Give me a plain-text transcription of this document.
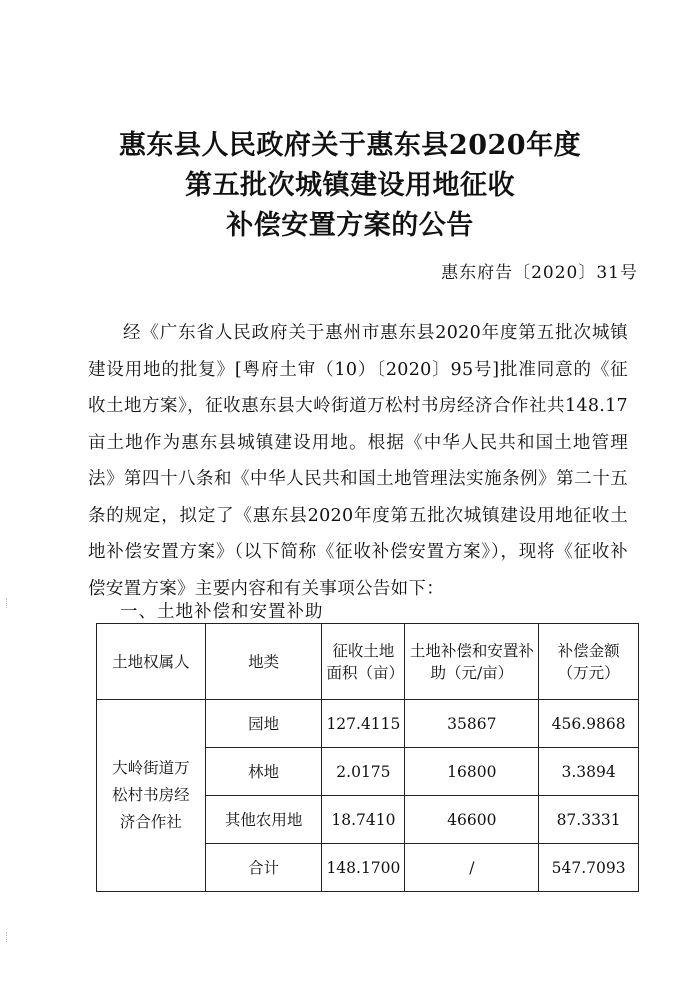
惠东县人民政府关于惠东县2020年度
第五批次城镇建设用地征收
补偿安置方案的公告
惠东府告〔2020〕31号
经《广东省人民政府关于惠州市惠东县2020年度第五批次城镇建设用地的批复》[粤府土审（10）〔2020〕95号]批准同意的《征收土地方案》，征收惠东县大岭街道万松村书房经济合作社共148.17亩土地作为惠东县城镇建设用地。根据《中华人民共和国土地管理法》第四十八条和《中华人民共和国土地管理法实施条例》第二十五条的规定，拟定了《惠东县2020年度第五批次城镇建设用地征收土地补偿安置方案》（以下简称《征收补偿安置方案》），现将《征收补偿安置方案》主要内容和有关事项公告如下：
一、土地补偿和安置补助
土地权属人	地类	征收土地面积（亩）	土地补偿和安置补助（元/亩）	补偿金额（万元）
大岭街道万松村书房经济合作社	园地	127.4115	35867	456.9868
	林地	2.0175	16800	3.3894
	其他农用地	18.7410	46600	87.3331
	合计	148.1700	/	547.7093
